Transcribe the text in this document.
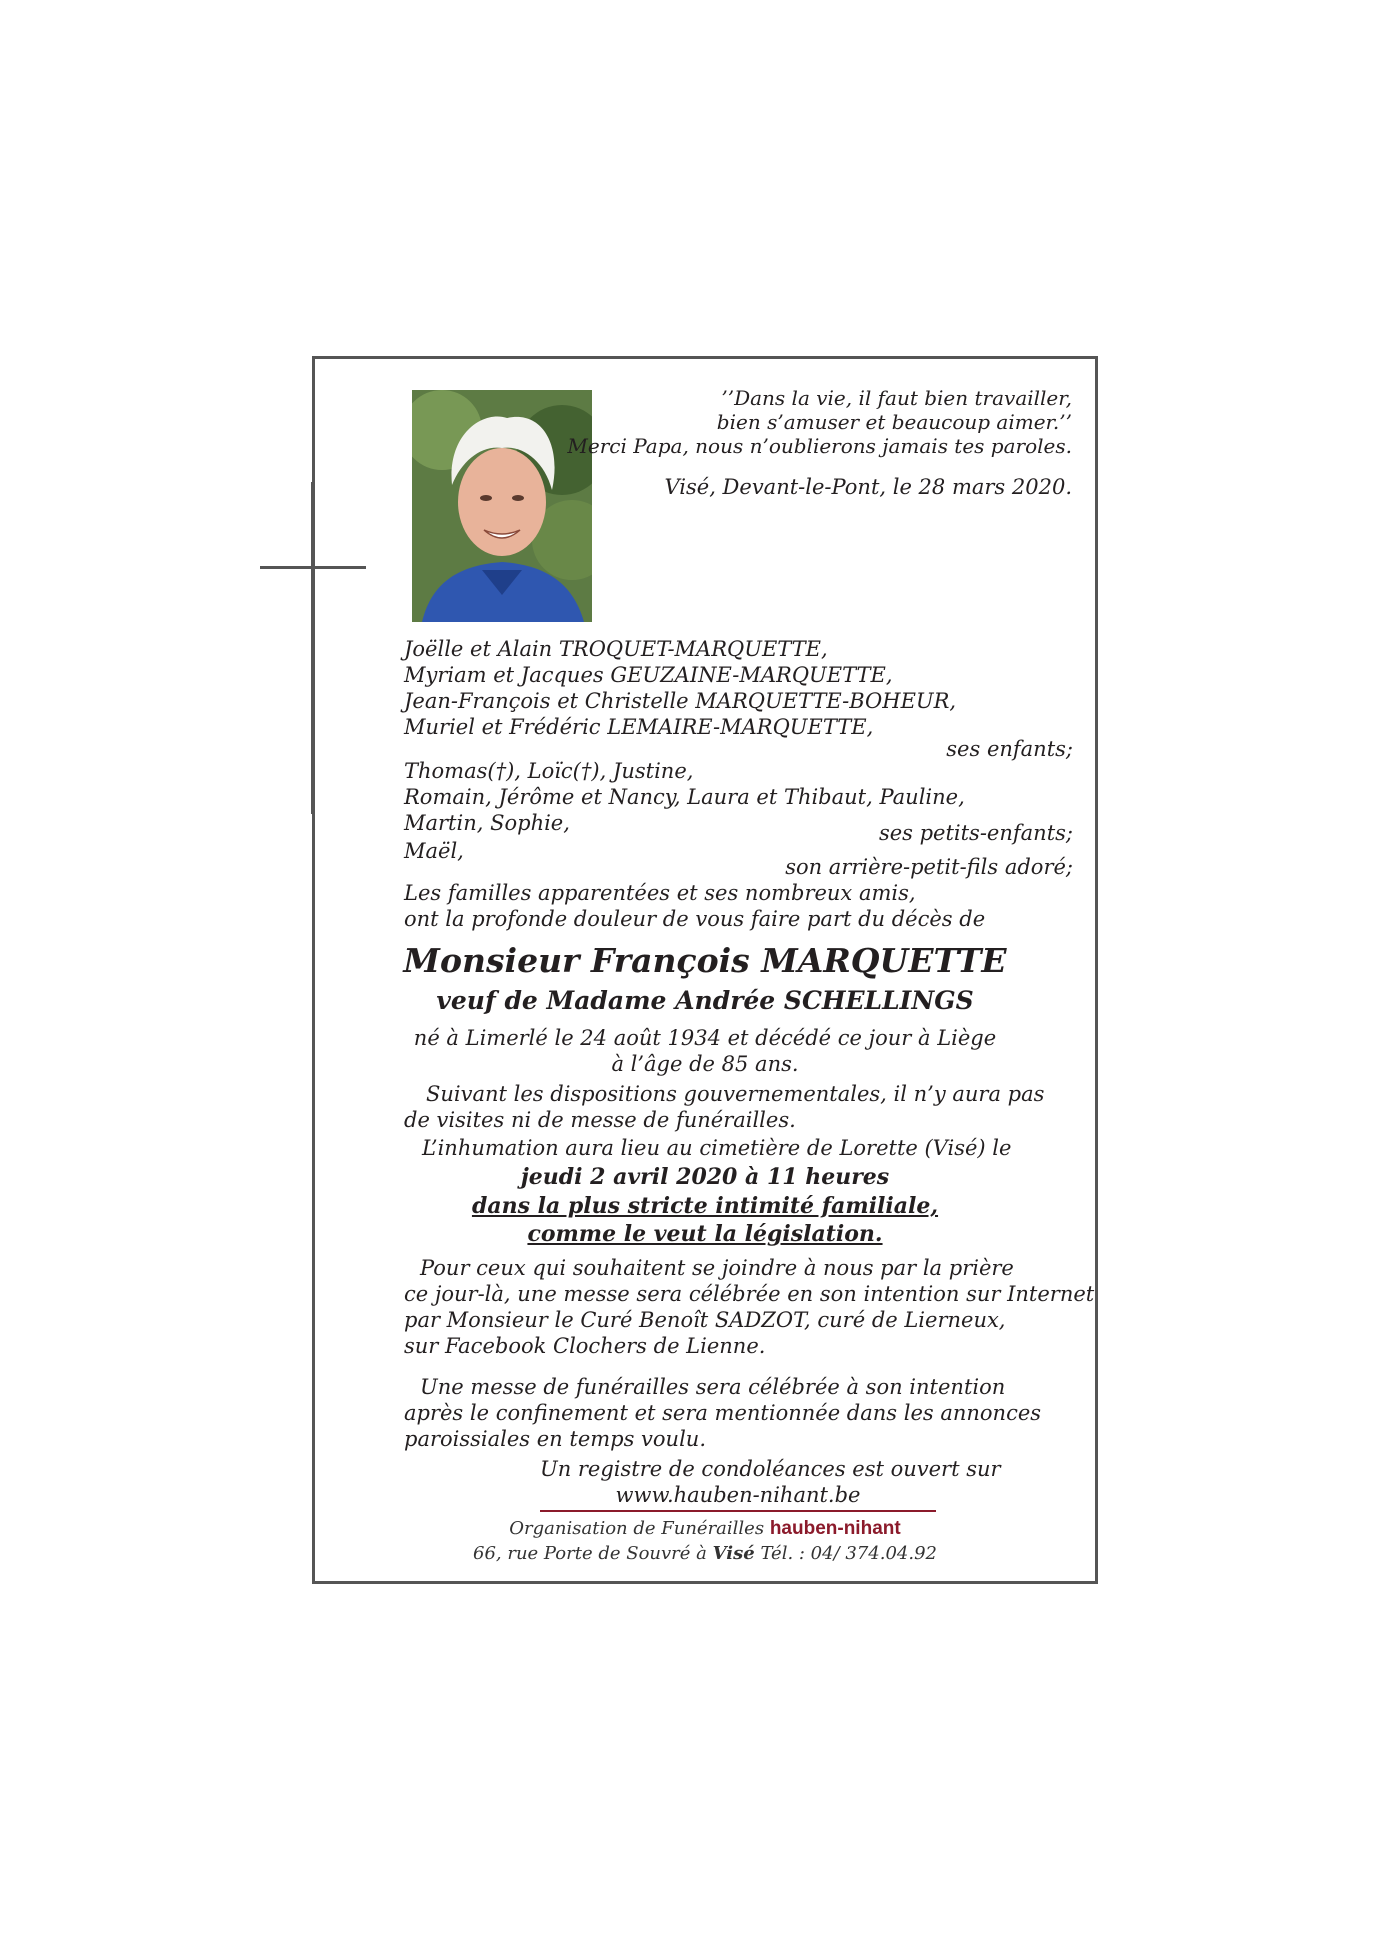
’’Dans la vie, il faut bien travailler,
bien s’amuser et beaucoup aimer.’’
Merci Papa, nous n’oublierons jamais tes paroles.
Visé, Devant-le-Pont, le 28 mars 2020.
Joëlle et Alain TROQUET-MARQUETTE,
Myriam et Jacques GEUZAINE-MARQUETTE,
Jean-François et Christelle MARQUETTE-BOHEUR,
Muriel et Frédéric LEMAIRE-MARQUETTE,
ses enfants;
Thomas(†), Loïc(†), Justine,
Romain, Jérôme et Nancy, Laura et Thibaut, Pauline,
Martin, Sophie,	ses petits-enfants;
Maël,
son arrière-petit-fils adoré;
Les familles apparentées et ses nombreux amis,
ont la profonde douleur de vous faire part du décès de
Monsieur François MARQUETTE
veuf de Madame Andrée SCHELLINGS
né à Limerlé le 24 août 1934 et décédé ce jour à Liège
à l’âge de 85 ans.
Suivant les dispositions gouvernementales, il n’y aura pas
de visites ni de messe de funérailles.
L’inhumation aura lieu au cimetière de Lorette (Visé) le
jeudi 2 avril 2020 à 11 heures
dans la plus stricte intimité familiale,
comme le veut la législation.
Pour ceux qui souhaitent se joindre à nous par la prière
ce jour-là, une messe sera célébrée en son intention sur Internet
par Monsieur le Curé Benoît SADZOT, curé de Lierneux,
sur Facebook Clochers de Lienne.
Une messe de funérailles sera célébrée à son intention
après le confinement et sera mentionnée dans les annonces
paroissiales en temps voulu.
Un registre de condoléances est ouvert sur
www.hauben-nihant.be
Organisation de Funérailles hauben-nihant
66, rue Porte de Souvré à Visé Tél. : 04/ 374.04.92
